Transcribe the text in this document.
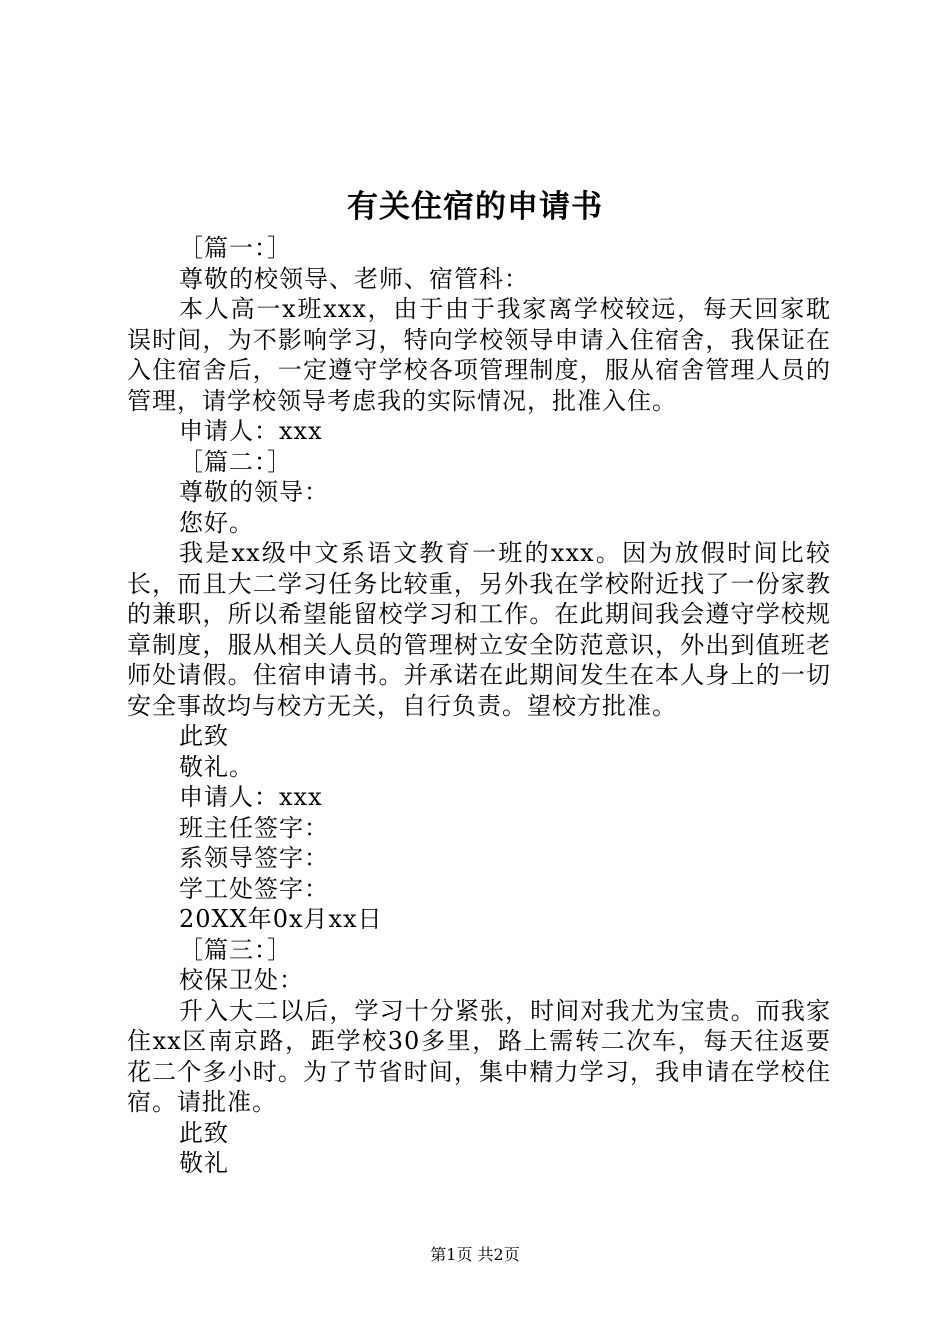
有关住宿的申请书
［篇一：］
尊敬的校领导、老师、宿管科：
本人高一x班xxx，由于由于我家离学校较远，每天回家耽误时间，为不影响学习，特向学校领导申请入住宿舍，我保证在入住宿舍后，一定遵守学校各项管理制度，服从宿舍管理人员的管理，请学校领导考虑我的实际情况，批准入住。
申请人：xxx
［篇二：］
尊敬的领导：
您好。
我是xx级中文系语文教育一班的xxx。因为放假时间比较长，而且大二学习任务比较重，另外我在学校附近找了一份家教的兼职，所以希望能留校学习和工作。在此期间我会遵守学校规章制度，服从相关人员的管理树立安全防范意识，外出到值班老师处请假。住宿申请书。并承诺在此期间发生在本人身上的一切安全事故均与校方无关，自行负责。望校方批准。
此致
敬礼。
申请人：xxx
班主任签字：
系领导签字：
学工处签字：
20XX年0x月xx日
［篇三：］
校保卫处：
升入大二以后，学习十分紧张，时间对我尤为宝贵。而我家住xx区南京路，距学校30多里，路上需转二次车，每天往返要花二个多小时。为了节省时间，集中精力学习，我申请在学校住宿。请批准。
此致
敬礼
第1页 共2页
